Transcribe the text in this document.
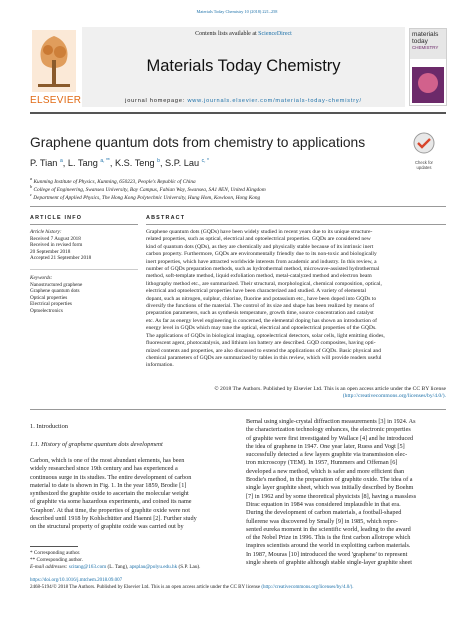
Materials Today Chemistry 10 (2018) 221–258
ELSEVIER
Contents lists available at ScienceDirect
Materials Today Chemistry
journal homepage: www.journals.elsevier.com/materials-today-chemistry/
materials
today
CHEMISTRY
Graphene quantum dots from chemistry to applications
Check for
updates
P. Tian $^a$, L. Tang $^{a, **}$, K.S. Teng $^b$, S.P. Lau $^{c, *}$
$^a$ Kunming Institute of Physics, Kunming, 650223, People's Republic of China
$^b$ College of Engineering, Swansea University, Bay Campus, Fabian Way, Swansea, SA1 8EN, United Kingdom
$^c$ Department of Applied Physics, The Hong Kong Polytechnic University, Hung Hom, Kowloon, Hong Kong
ARTICLE INFO
Article history:
Received 7 August 2018
Received in revised form
20 September 2018
Accepted 21 September 2018
Keywords:
Nanostructured graphene
Graphene quantum dots
Optical properties
Electrical properties
Optoelectronics
ABSTRACT
Graphene quantum dots (GQDs) have been widely studied in recent years due to its unique structure-
related properties, such as optical, electrical and optoelectrical properties. GQDs are considered new
kind of quantum dots (QDs), as they are chemically and physically stable because of its intrinsic inert
carbon property. Furthermore, GQDs are environmentally friendly due to its non-toxic and biologically
inert properties, which have attracted worldwide interests from academic and industry. In this review, a
number of GQDs preparation methods, such as hydrothermal method, microwave-assisted hydrothermal
method, soft-template method, liquid exfoliation method, metal-catalyzed method and electron beam
lithography method etc., are summarized. Their structural, morphological, chemical composition, optical,
electrical and optoelectrical properties have been characterized and studied. A variety of elemental
dopant, such as nitrogen, sulphur, chlorine, fluorine and potassium etc., have been doped into GQDs to
diversify the functions of the material. The control of its size and shape has been realized by means of
preparation parameters, such as synthesis temperature, growth time, source concentration and catalyst
etc. As far as energy level engineering is concerned, the elemental doping has shown an introduction of
energy level in GQDs which may tune the optical, electrical and optoelectrical properties of the GQDs.
The applications of GQDs in biological imaging, optoelectrical detectors, solar cells, light emitting diodes,
fluorescent agent, photocatalysis, and lithium ion battery are described. GQD composites, having opti-
mized contents and properties, are also discussed to extend the applications of GQDs. Basic physical and
chemical parameters of GQDs are summarized by tables in this review, which will provide readers useful
information.
© 2018 The Authors. Published by Elsevier Ltd. This is an open access article under the CC BY license
(http://creativecommons.org/licenses/by/4.0/).
1. Introduction
1.1. History of graphene quantum dots development
Carbon, which is one of the most abundant elements, has been
widely researched since 19th century and has experienced a
continuous surge in its studies. The entire development of carbon
material to date is shown in Fig. 1. In the year 1859, Brodie [1]
synthesized the graphite oxide to ascertain the molecular weight
of graphite via some hazardous experiments, and coined its name
'Graphon'. At that time, the properties of graphite oxide were not
described until 1918 by Kohlschütter and Haenni [2]. Further study
on the structural property of graphite oxide was carried out by
Bernal using single-crystal diffraction measurements [3] in 1924. As
the characterization technology enhances, the electronic properties
of graphite were first investigated by Wallace [4] and he introduced
the idea of graphene in 1947. One year later, Ruess and Vogt [5]
successfully detected a few layers graphite via transmission elec-
tron microscopy (TEM). In 1957, Hummers and Offeman [6]
developed a new method, which is safer and more efficient than
Brodie's method, in the preparation of graphite oxide. The idea of a
single layer graphite sheet, which was initially described by Boehm
[7] in 1962 and by some theoretical physicists [8], having a massless
Dirac equation in 1984 was considered implausible in that era.
During the development of carbon materials, a football-shaped
fullerene was discovered by Smally [9] in 1985, which repre-
sented eureka moment in the scientific world, leading to the award
of the Nobel Prize in 1996. This is the first carbon allotrope which
inspires scientists around the world in exploiting carbon materials.
In 1987, Mouras [10] introduced the word 'graphene' to represent
single sheets of graphite although stable single-layer graphite sheet
* Corresponding author.
** Corresponding author.
E-mail addresses: scitang@163.com (L. Tang), apsplau@polyu.edu.hk (S.P. Lau).
https://doi.org/10.1016/j.mtchem.2018.09.007
2468-5194/© 2018 The Authors. Published by Elsevier Ltd. This is an open access article under the CC BY license (http://creativecommons.org/licenses/by/4.0/).
